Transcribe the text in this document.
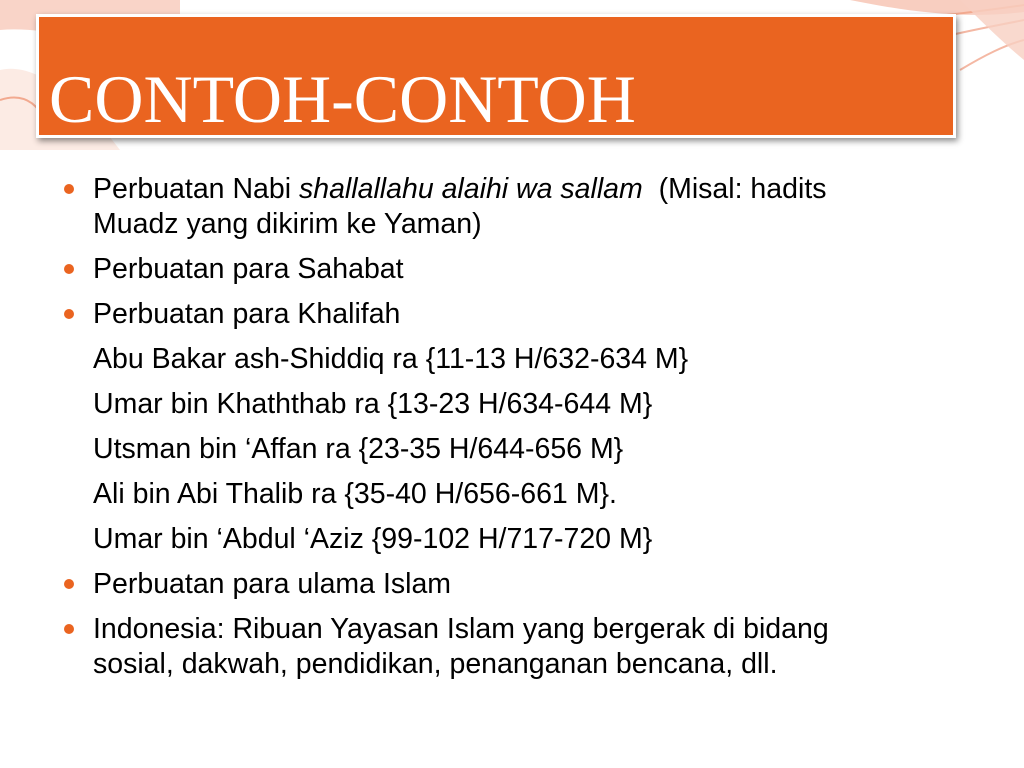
CONTOH-CONTOH
Perbuatan Nabi shallallahu alaihi wa sallam  (Misal: hadits
Muadz yang dikirim ke Yaman)
Perbuatan para Sahabat
Perbuatan para Khalifah
Abu Bakar ash-Shiddiq ra {11-13 H/632-634 M}
Umar bin Khaththab ra {13-23 H/634-644 M}
Utsman bin ‘Affan ra {23-35 H/644-656 M}
Ali bin Abi Thalib ra {35-40 H/656-661 M}.
Umar bin ‘Abdul ‘Aziz {99-102 H/717-720 M}
Perbuatan para ulama Islam
Indonesia: Ribuan Yayasan Islam yang bergerak di bidang
sosial, dakwah, pendidikan, penanganan bencana, dll.
